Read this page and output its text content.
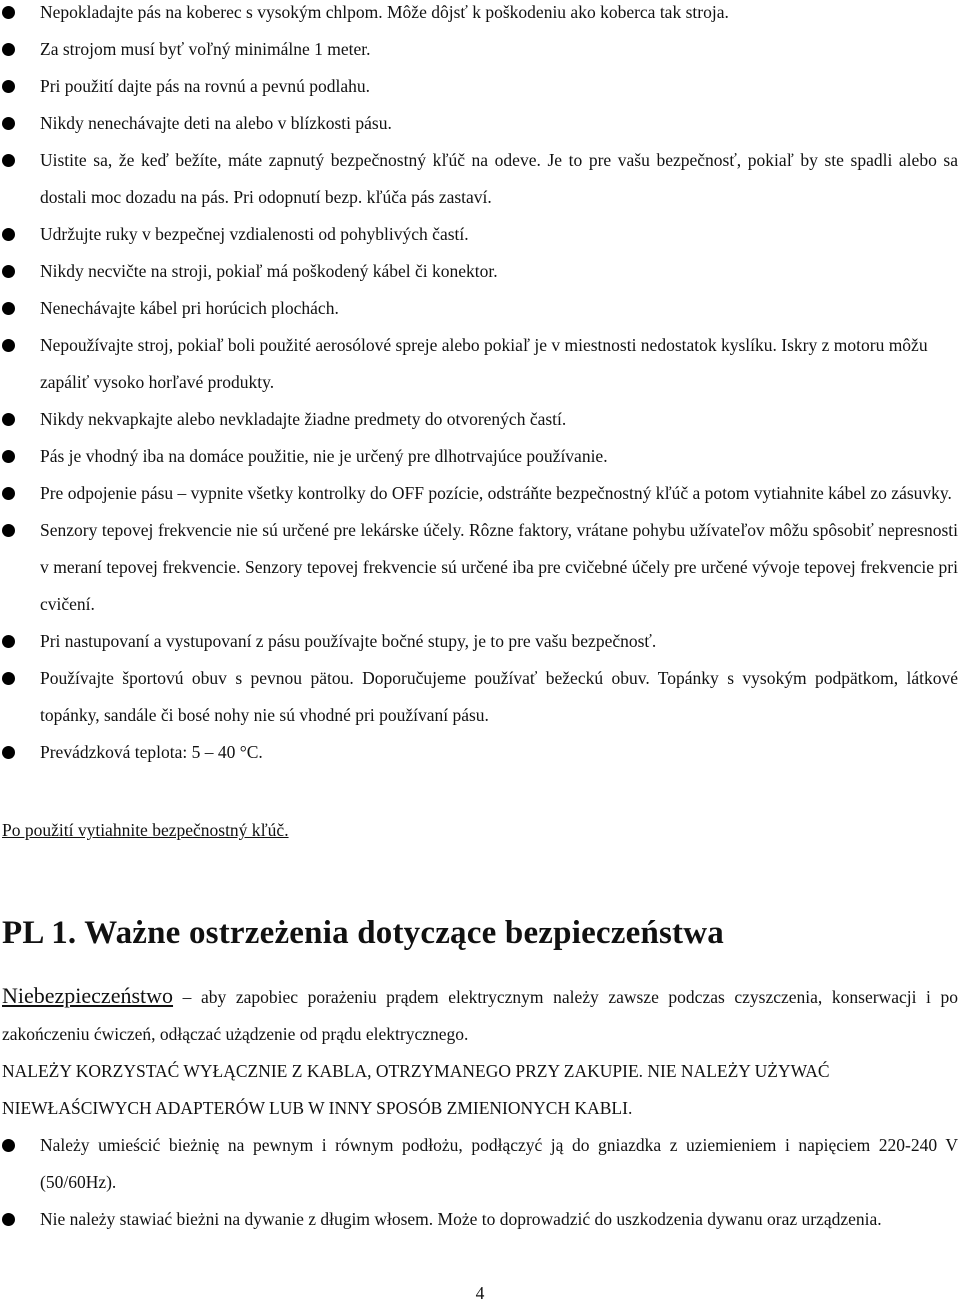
Nepokladajte pás na koberec s vysokým chlpom. Môže dôjsť k poškodeniu ako koberca tak stroja.
Za strojom musí byť voľný minimálne 1 meter.
Pri použití dajte pás na rovnú a pevnú podlahu.
Nikdy nenechávajte deti na alebo v blízkosti pásu.
Uistite sa, že keď bežíte, máte zapnutý bezpečnostný kľúč na odeve. Je to pre vašu bezpečnosť, pokiaľ by ste spadli alebo sa dostali moc dozadu na pás. Pri odopnutí bezp. kľúča pás zastaví.
Udržujte ruky v bezpečnej vzdialenosti od pohyblivých častí.
Nikdy necvičte na stroji, pokiaľ má poškodený kábel či konektor.
Nenechávajte kábel pri horúcich plochách.
Nepoužívajte stroj, pokiaľ boli použité aerosólové spreje alebo pokiaľ je v miestnosti nedostatok kyslíku. Iskry z motoru môžu zapáliť vysoko horľavé produkty.
Nikdy nekvapkajte alebo nevkladajte žiadne predmety do otvorených častí.
Pás je vhodný iba na domáce použitie, nie je určený pre dlhotrvajúce používanie.
Pre odpojenie pásu – vypnite všetky kontrolky do OFF pozície, odstráňte bezpečnostný kľúč a potom vytiahnite kábel zo zásuvky.
Senzory tepovej frekvencie nie sú určené pre lekárske účely. Rôzne faktory, vrátane pohybu užívateľov môžu spôsobiť nepresnosti v meraní tepovej frekvencie. Senzory tepovej frekvencie sú určené iba pre cvičebné účely pre určené vývoje tepovej frekvencie pri cvičení.
Pri nastupovaní a vystupovaní z pásu používajte bočné stupy, je to pre vašu bezpečnosť.
Používajte športovú obuv s pevnou pätou. Doporučujeme používať bežeckú obuv. Topánky s vysokým podpätkom, látkové topánky, sandále či bosé nohy nie sú vhodné pri používaní pásu.
Prevádzková teplota: 5 – 40 °C.
Po použití vytiahnite bezpečnostný kľúč.
PL 1. Ważne ostrzeżenia dotyczące bezpieczeństwa
Niebezpieczeństwo – aby zapobiec porażeniu prądem elektrycznym należy zawsze podczas czyszczenia, konserwacji i po zakończeniu ćwiczeń, odłączać użądzenie od prądu elektrycznego.
NALEŻY KORZYSTAĆ WYŁĄCZNIE Z KABLA, OTRZYMANEGO PRZY ZAKUPIE. NIE NALEŻY UŻYWAĆ NIEWŁAŚCIWYCH ADAPTERÓW LUB W INNY SPOSÓB ZMIENIONYCH KABLI.
Należy umieścić bieżnię na pewnym i równym podłożu, podłączyć ją do gniazdka z uziemieniem i napięciem 220-240 V (50/60Hz).
Nie należy stawiać bieżni na dywanie z długim włosem. Może to doprowadzić do uszkodzenia dywanu oraz urządzenia.
4
